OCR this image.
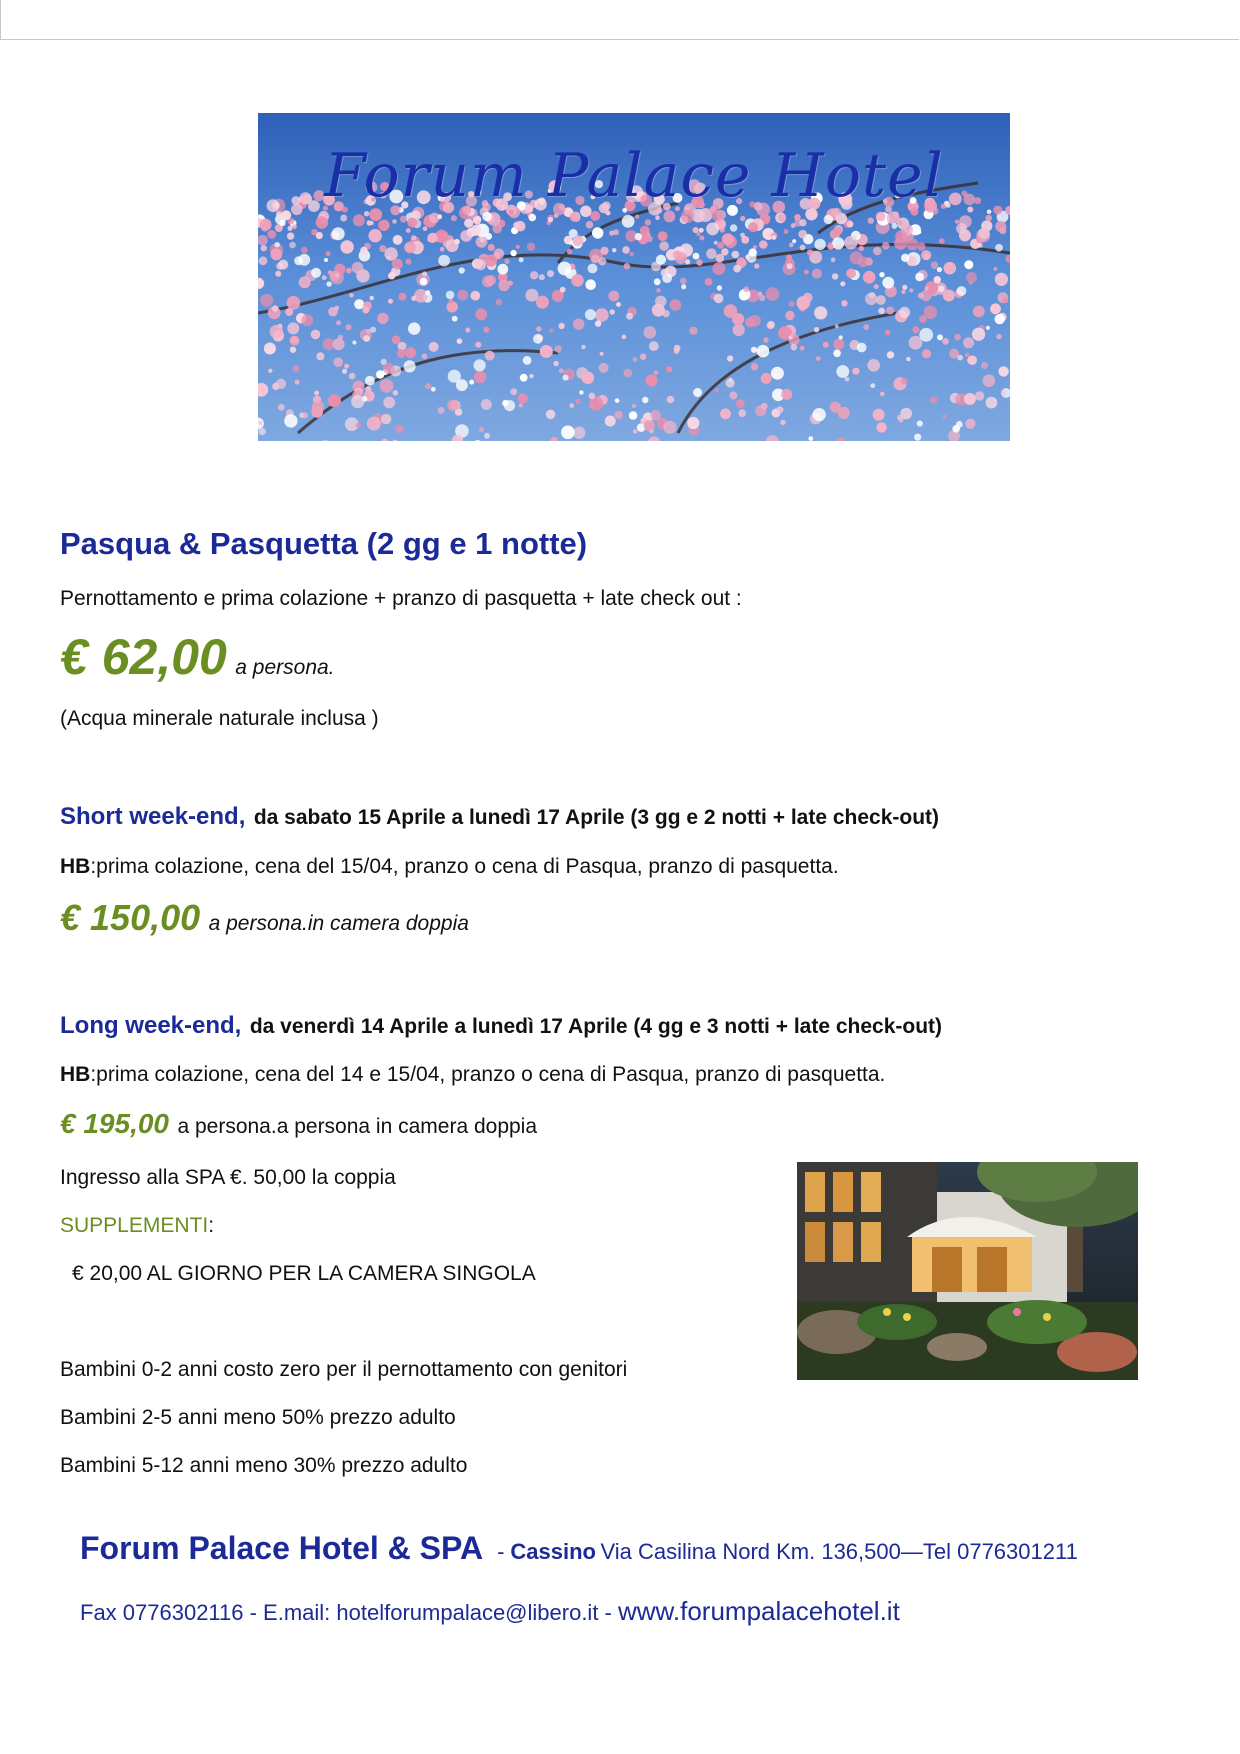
Forum Palace Hotel
Pasqua & Pasquetta (2 gg e 1 notte)
Pernottamento e prima colazione + pranzo di pasquetta + late check out :
€ 62,00 a persona.
(Acqua minerale naturale inclusa )
Short week-end, da sabato 15 Aprile a lunedì 17 Aprile (3 gg e 2 notti + late check-out)
HB:prima colazione, cena del 15/04, pranzo o cena di Pasqua, pranzo di pasquetta.
€ 150,00 a persona.in camera doppia
Long week-end, da venerdì 14 Aprile a lunedì 17 Aprile (4 gg e 3 notti + late check-out)
HB:prima colazione, cena del 14 e 15/04, pranzo o cena di Pasqua, pranzo di pasquetta.
€ 195,00 a persona.a persona in camera doppia
Ingresso alla SPA €. 50,00 la coppia
SUPPLEMENTI:
€ 20,00 AL GIORNO PER LA CAMERA SINGOLA
Bambini 0-2 anni costo zero per il pernottamento con genitori
Bambini 2-5 anni meno 50% prezzo adulto
Bambini 5-12 anni meno 30% prezzo adulto
Forum Palace Hotel & SPA - Cassino Via Casilina Nord Km. 136,500—Tel 0776301211
Fax 0776302116 - E.mail: hotelforumpalace@libero.it - www.forumpalacehotel.it
